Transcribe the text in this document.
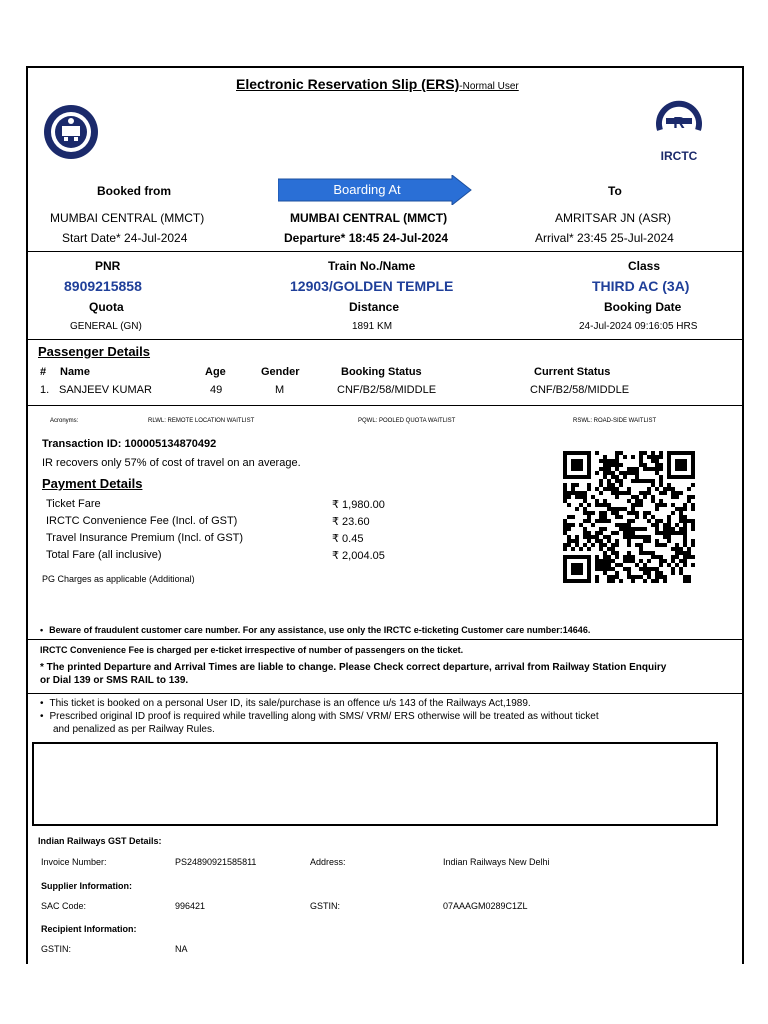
Electronic Reservation Slip (ERS)-Normal User
R
IRCTC
Booked from
MUMBAI CENTRAL (MMCT)
Start Date* 24-Jul-2024
Boarding At
MUMBAI CENTRAL (MMCT)
Departure* 18:45 24-Jul-2024
To
AMRITSAR JN (ASR)
Arrival* 23:45 25-Jul-2024
PNR
8909215858
Quota
GENERAL (GN)
Train No./Name
12903/GOLDEN TEMPLE
Distance
1891 KM
Class
THIRD AC (3A)
Booking Date
24-Jul-2024 09:16:05 HRS
Passenger Details
# Name	Age	Gender	Booking Status	Current Status
1. SANJEEV KUMAR	49	M	CNF/B2/58/MIDDLE	CNF/B2/58/MIDDLE
Acronyms:	RLWL: REMOTE LOCATION WAITLIST	PQWL: POOLED QUOTA WAITLIST	RSWL: ROAD-SIDE WAITLIST
Transaction ID: 100005134870492
IR recovers only 57% of cost of travel on an average.
Payment Details
Ticket Fare	₹ 1,980.00
IRCTC Convenience Fee (Incl. of GST)	₹ 23.60
Travel Insurance Premium (Incl. of GST)	₹ 0.45
Total Fare (all inclusive)	₹ 2,004.05
PG Charges as applicable (Additional)
• Beware of fraudulent customer care number. For any assistance, use only the IRCTC e-ticketing Customer care number:14646.
IRCTC Convenience Fee is charged per e-ticket irrespective of number of passengers on the ticket.
* The printed Departure and Arrival Times are liable to change. Please Check correct departure, arrival from Railway Station Enquiry
or Dial 139 or SMS RAIL to 139.
• This ticket is booked on a personal User ID, its sale/purchase is an offence u/s 143 of the Railways Act,1989.
• Prescribed original ID proof is required while travelling along with SMS/ VRM/ ERS otherwise will be treated as without ticket
and penalized as per Railway Rules.
Indian Railways GST Details:
Invoice Number:	PS24890921585811	Address:	Indian Railways New Delhi
Supplier Information:
SAC Code:	996421	GSTIN:	07AAAGM0289C1ZL
Recipient Information:
GSTIN:	NA
